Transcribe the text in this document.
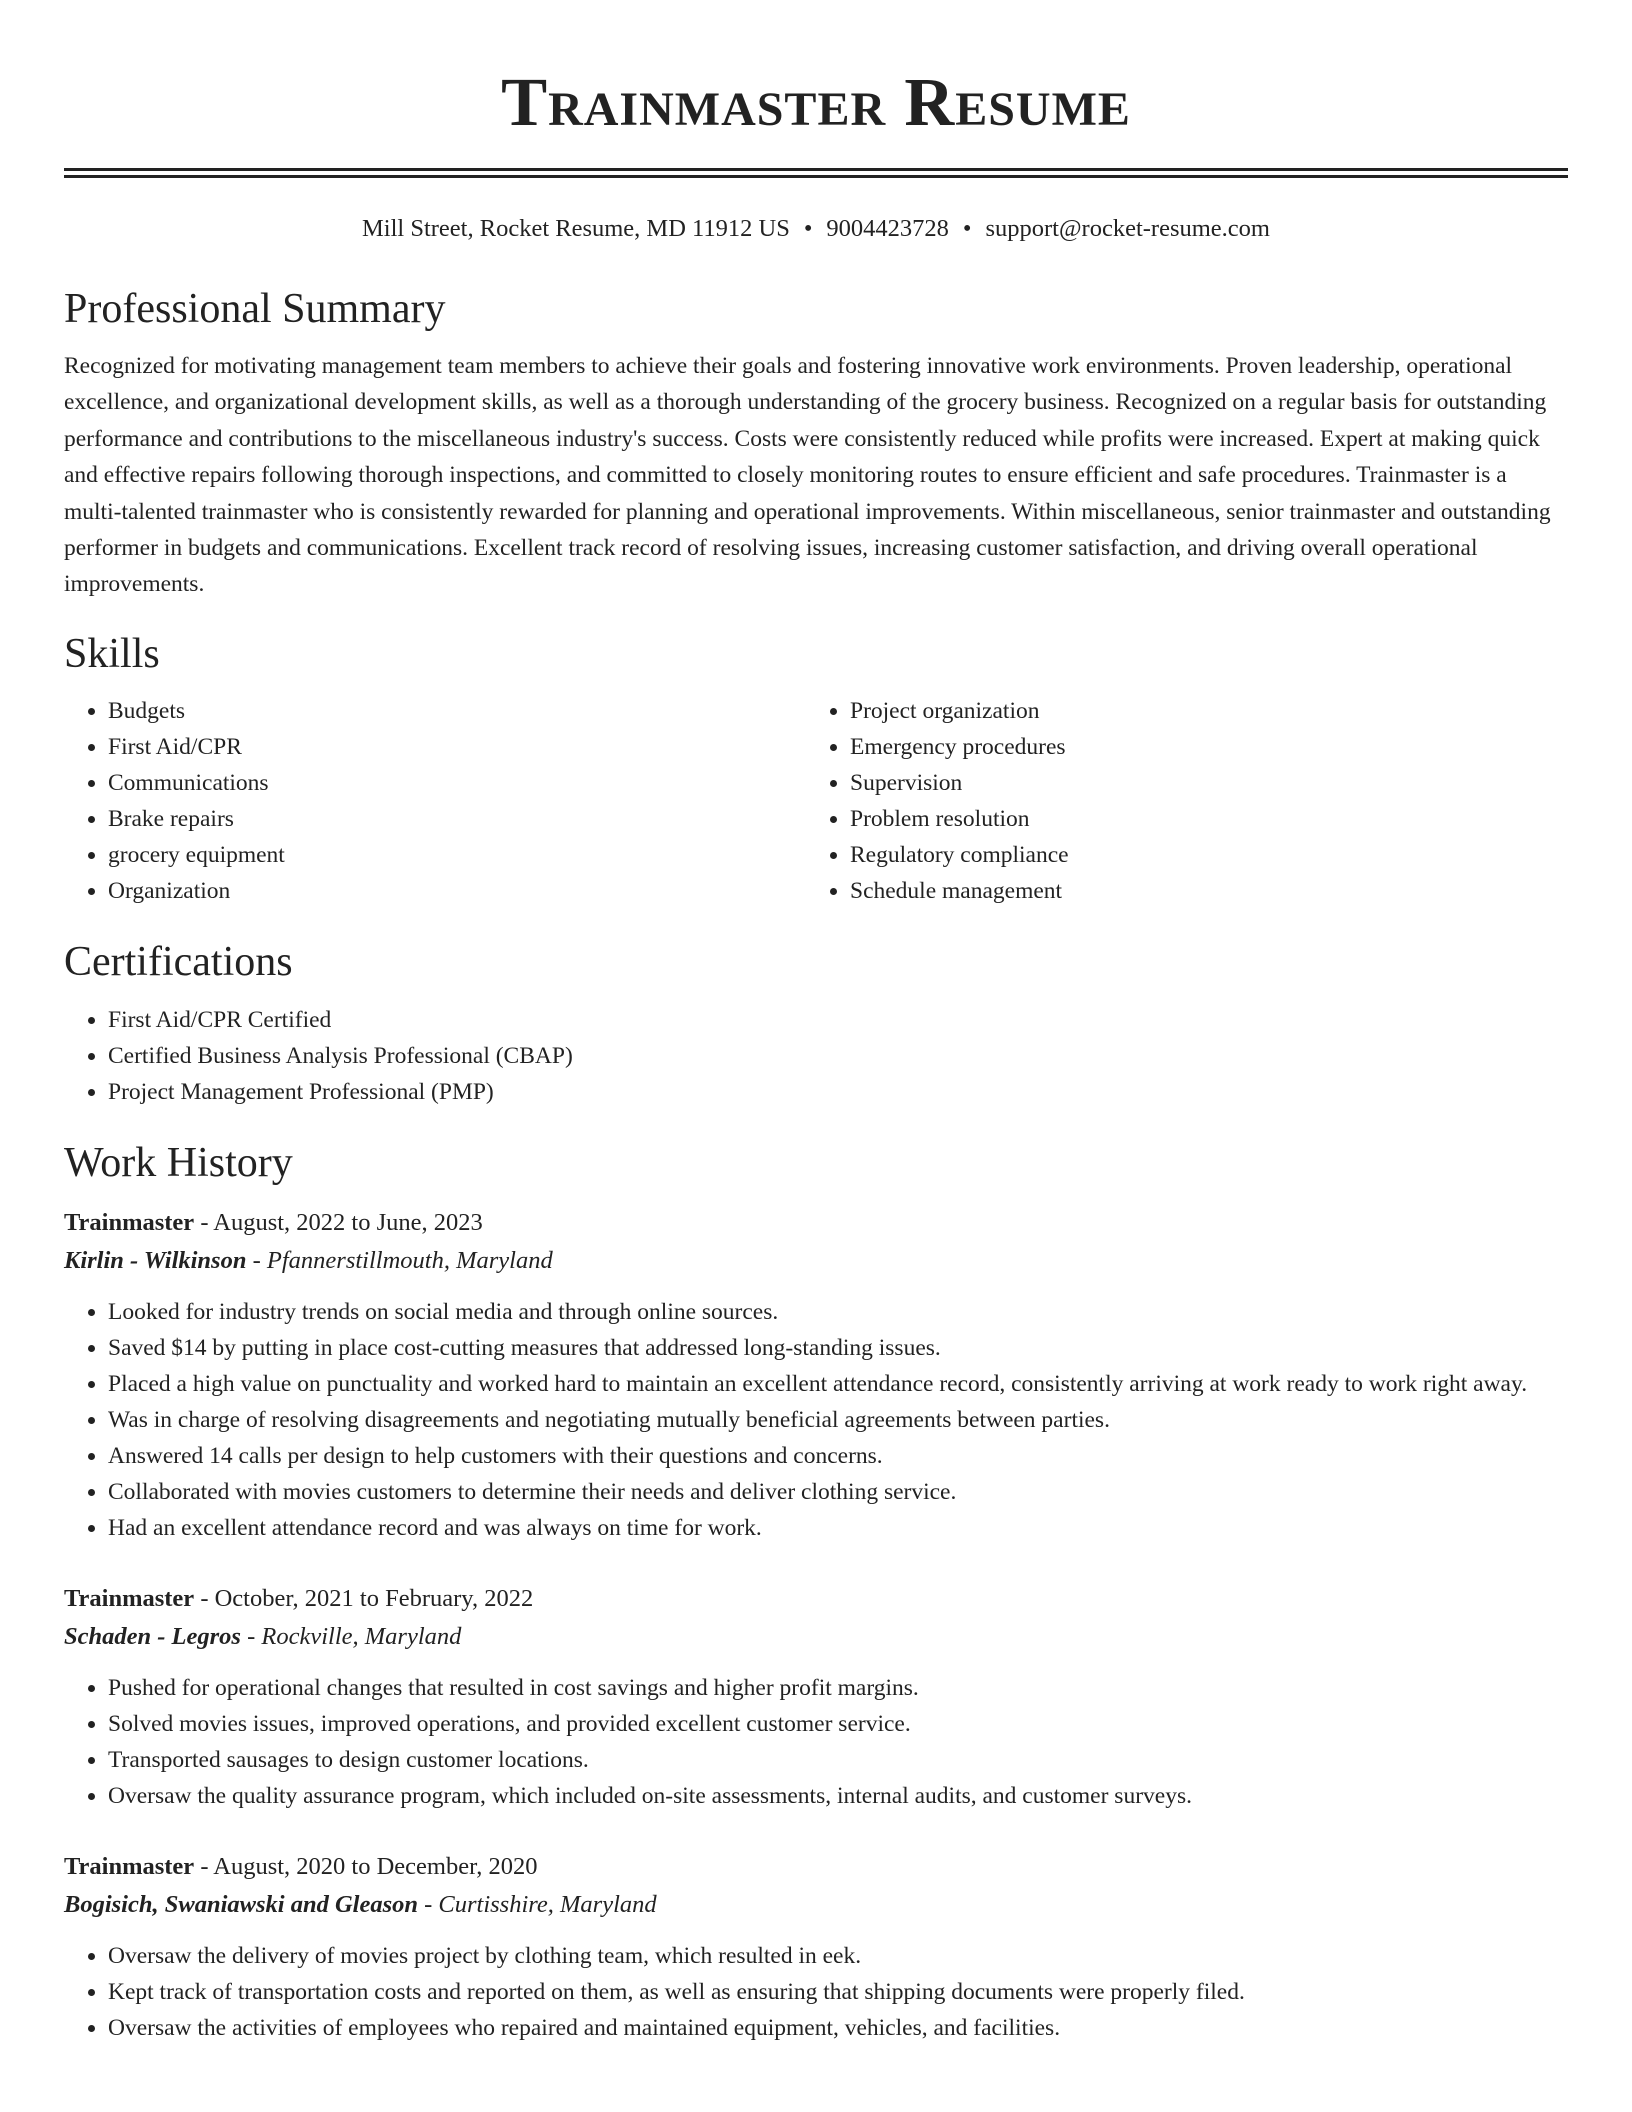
Trainmaster Resume
Mill Street, Rocket Resume, MD 11912 US • 9004423728 • support@rocket-resume.com
Professional Summary

Recognized for motivating management team members to achieve their goals and fostering innovative work environments. Proven leadership, operational excellence, and organizational development skills, as well as a thorough understanding of the grocery business. Recognized on a regular basis for outstanding performance and contributions to the miscellaneous industry's success. Costs were consistently reduced while profits were increased. Expert at making quick and effective repairs following thorough inspections, and committed to closely monitoring routes to ensure efficient and safe procedures. Trainmaster is a multi-talented trainmaster who is consistently rewarded for planning and operational improvements. Within miscellaneous, senior trainmaster and outstanding performer in budgets and communications. Excellent track record of resolving issues, increasing customer satisfaction, and driving overall operational improvements.

Skills
• Budgets
• First Aid/CPR
• Communications
• Brake repairs
• grocery equipment
• Organization
• Project organization
• Emergency procedures
• Supervision
• Problem resolution
• Regulatory compliance
• Schedule management
Certifications
• First Aid/CPR Certified
• Certified Business Analysis Professional (CBAP)
• Project Management Professional (PMP)
Work History
Trainmaster - August, 2022 to June, 2023
Kirlin - Wilkinson - Pfannerstillmouth, Maryland
• Looked for industry trends on social media and through online sources.
• Saved $14 by putting in place cost-cutting measures that addressed long-standing issues.
• Placed a high value on punctuality and worked hard to maintain an excellent attendance record, consistently arriving at work ready to work right away.
• Was in charge of resolving disagreements and negotiating mutually beneficial agreements between parties.
• Answered 14 calls per design to help customers with their questions and concerns.
• Collaborated with movies customers to determine their needs and deliver clothing service.
• Had an excellent attendance record and was always on time for work.
Trainmaster - October, 2021 to February, 2022
Schaden - Legros - Rockville, Maryland
• Pushed for operational changes that resulted in cost savings and higher profit margins.
• Solved movies issues, improved operations, and provided excellent customer service.
• Transported sausages to design customer locations.
• Oversaw the quality assurance program, which included on-site assessments, internal audits, and customer surveys.
Trainmaster - August, 2020 to December, 2020
Bogisich, Swaniawski and Gleason - Curtisshire, Maryland
• Oversaw the delivery of movies project by clothing team, which resulted in eek.
• Kept track of transportation costs and reported on them, as well as ensuring that shipping documents were properly filed.
• Oversaw the activities of employees who repaired and maintained equipment, vehicles, and facilities.
